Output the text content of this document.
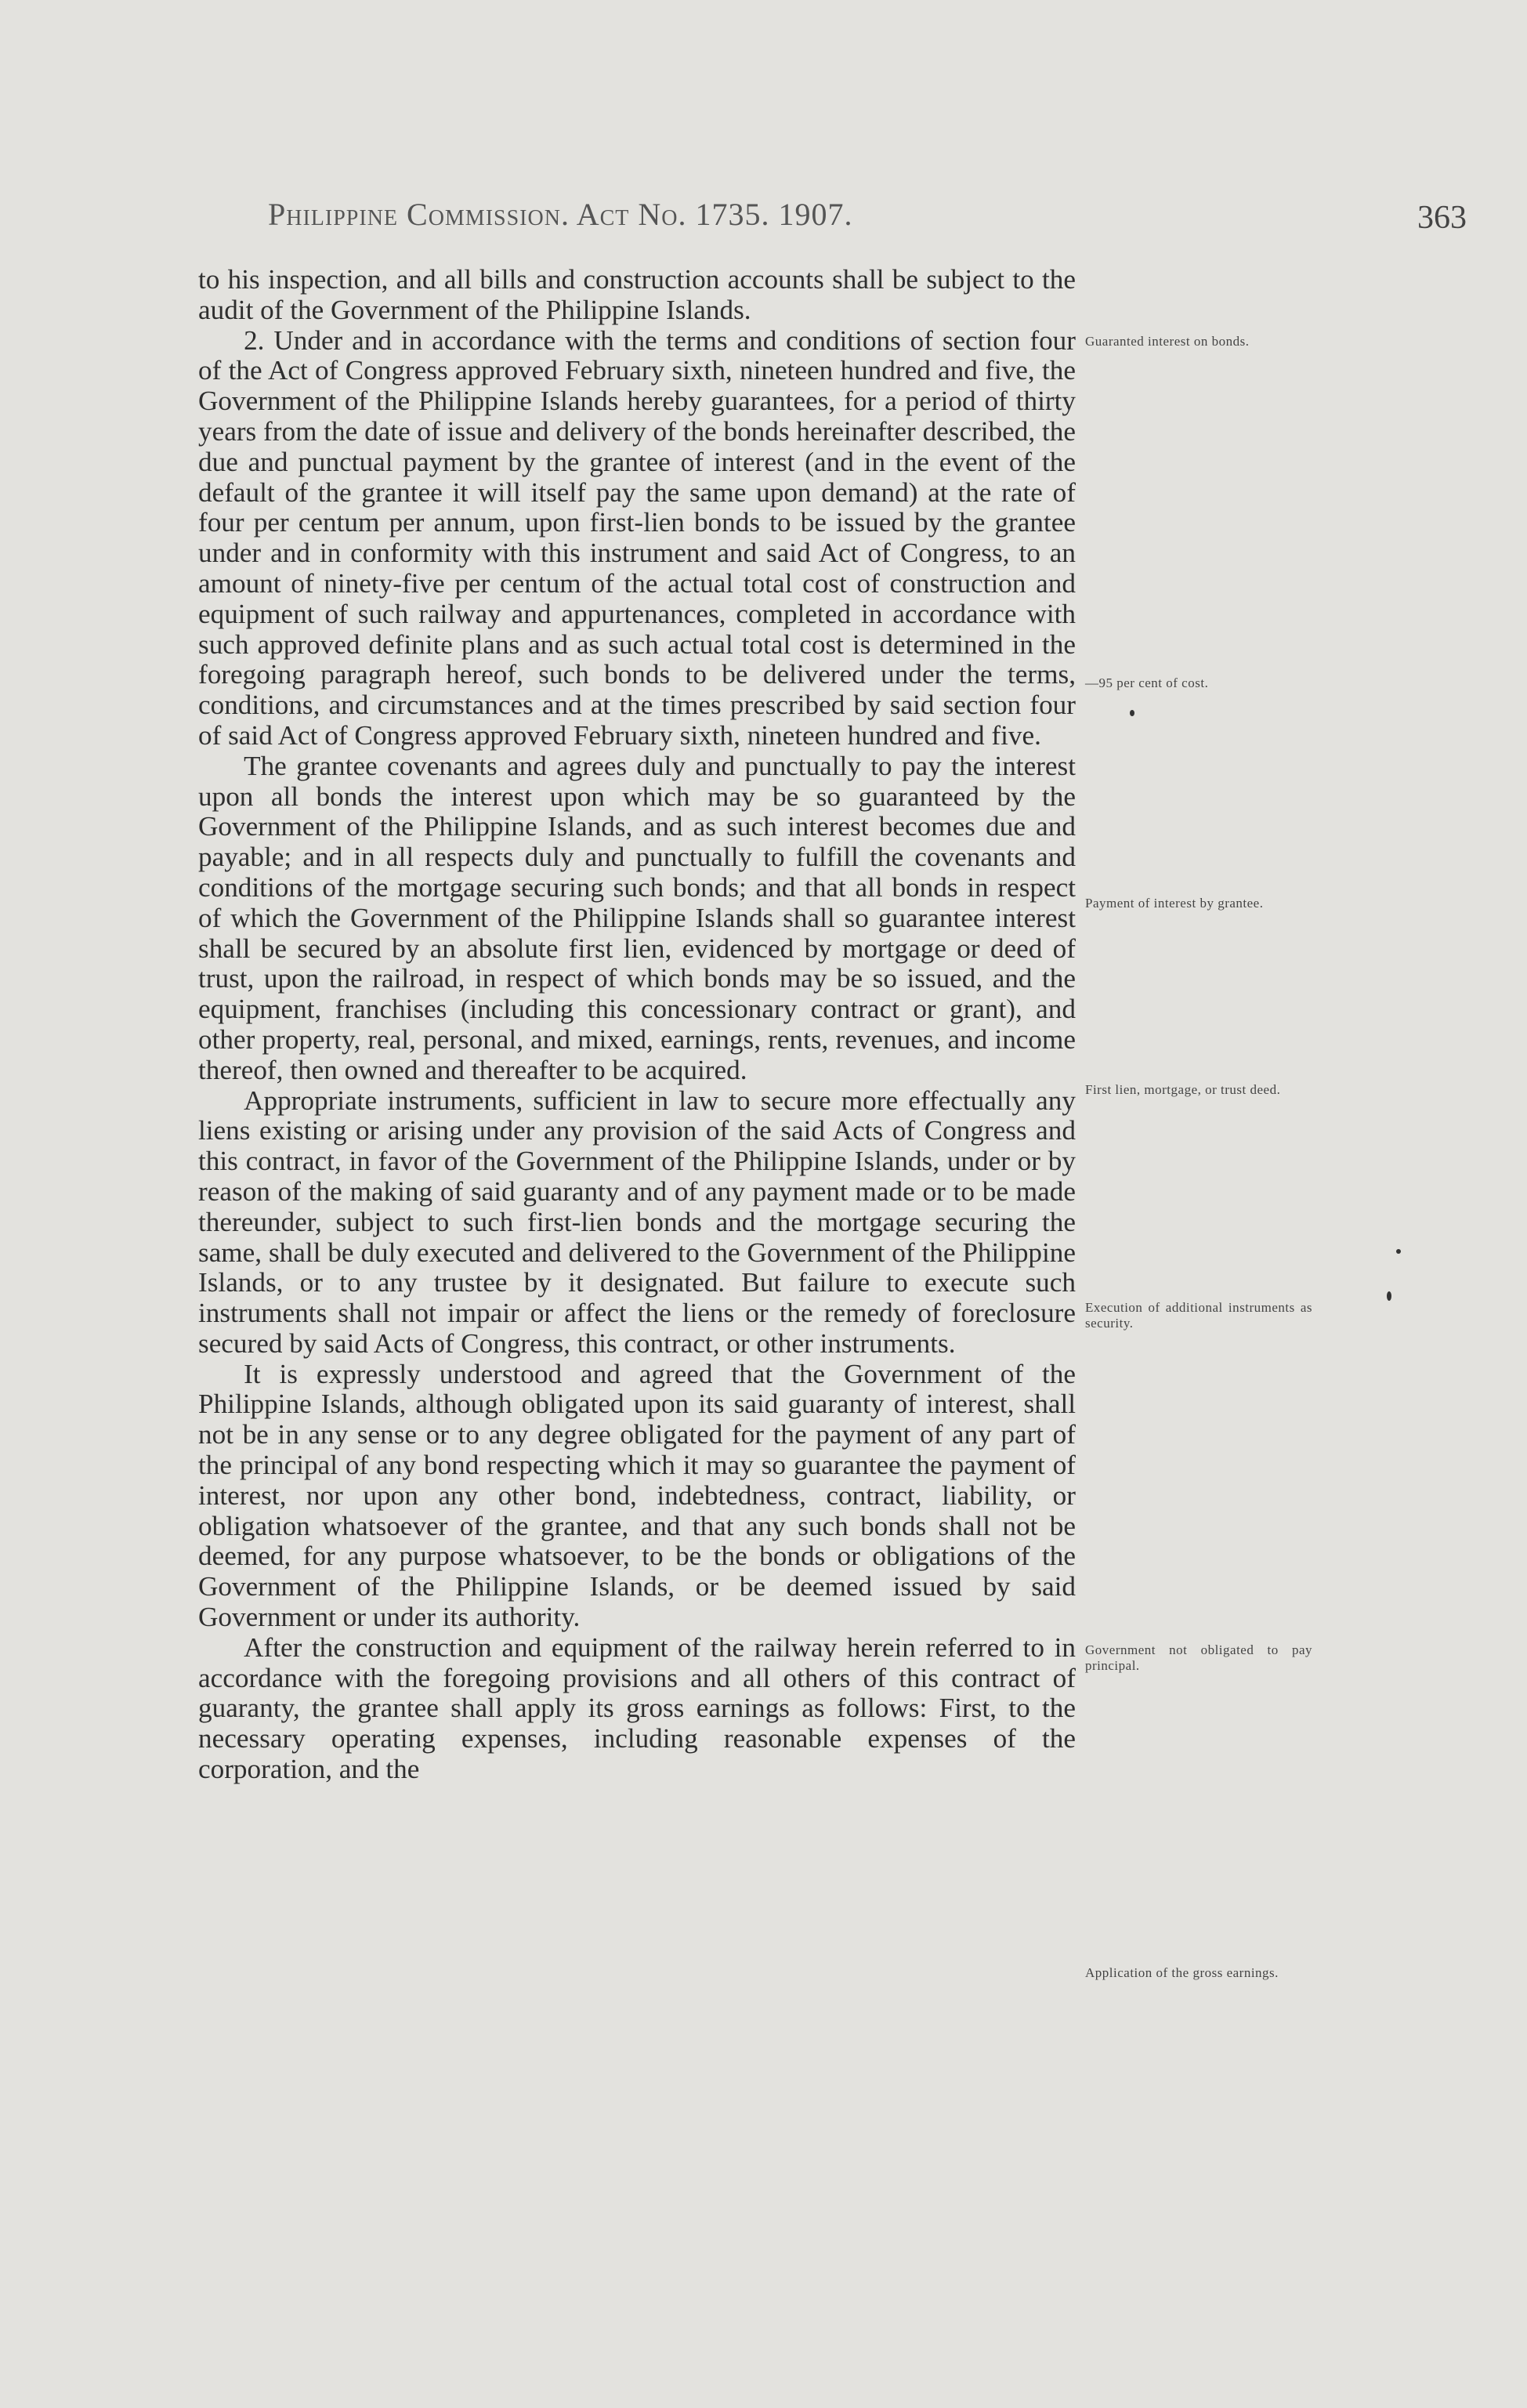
Philippine Commission. Act No. 1735. 1907.	363

to his inspection, and all bills and construction accounts shall be subject to the audit of the Government of the Philippine Islands.

2. Under and in accordance with the terms and conditions of section four of the Act of Congress approved February sixth, nineteen hundred and five, the Government of the Philippine Islands hereby guarantees, for a period of thirty years from the date of issue and delivery of the bonds hereinafter described, the due and punctual payment by the grantee of interest (and in the event of the default of the grantee it will itself pay the same upon demand) at the rate of four per centum per annum, upon first-lien bonds to be issued by the grantee under and in conformity with this instrument and said Act of Congress, to an amount of ninety-five per centum of the actual total cost of construction and equipment of such railway and appurtenances, completed in accordance with such approved definite plans and as such actual total cost is determined in the foregoing paragraph hereof, such bonds to be delivered under the terms, conditions, and circumstances and at the times prescribed by said section four of said Act of Congress approved February sixth, nineteen hundred and five.

The grantee covenants and agrees duly and punctually to pay the interest upon all bonds the interest upon which may be so guaranteed by the Government of the Philippine Islands, and as such interest becomes due and payable; and in all respects duly and punctually to fulfill the covenants and conditions of the mortgage securing such bonds; and that all bonds in respect of which the Government of the Philippine Islands shall so guarantee interest shall be secured by an absolute first lien, evidenced by mortgage or deed of trust, upon the railroad, in respect of which bonds may be so issued, and the equipment, franchises (including this concessionary contract or grant), and other property, real, personal, and mixed, earnings, rents, revenues, and income thereof, then owned and thereafter to be acquired.

Appropriate instruments, sufficient in law to secure more effectually any liens existing or arising under any provision of the said Acts of Congress and this contract, in favor of the Government of the Philippine Islands, under or by reason of the making of said guaranty and of any payment made or to be made thereunder, subject to such first-lien bonds and the mortgage securing the same, shall be duly executed and delivered to the Government of the Philippine Islands, or to any trustee by it designated. But failure to execute such instruments shall not impair or affect the liens or the remedy of foreclosure secured by said Acts of Congress, this contract, or other instruments.

It is expressly understood and agreed that the Government of the Philippine Islands, although obligated upon its said guaranty of interest, shall not be in any sense or to any degree obligated for the payment of any part of the principal of any bond respecting which it may so guarantee the payment of interest, nor upon any other bond, indebtedness, contract, liability, or obligation whatsoever of the grantee, and that any such bonds shall not be deemed, for any purpose whatsoever, to be the bonds or obligations of the Government of the Philippine Islands, or be deemed issued by said Government or under its authority.

After the construction and equipment of the railway herein referred to in accordance with the foregoing provisions and all others of this contract of guaranty, the grantee shall apply its gross earnings as follows: First, to the necessary operating expenses, including reasonable expenses of the corporation, and the

Guaranted interest on bonds.
—95 per cent of cost.
Payment of interest by grantee.
First lien, mortgage, or trust deed.
Execution of additional instruments as security.
Government not obligated to pay principal.
Application of the gross earnings.
